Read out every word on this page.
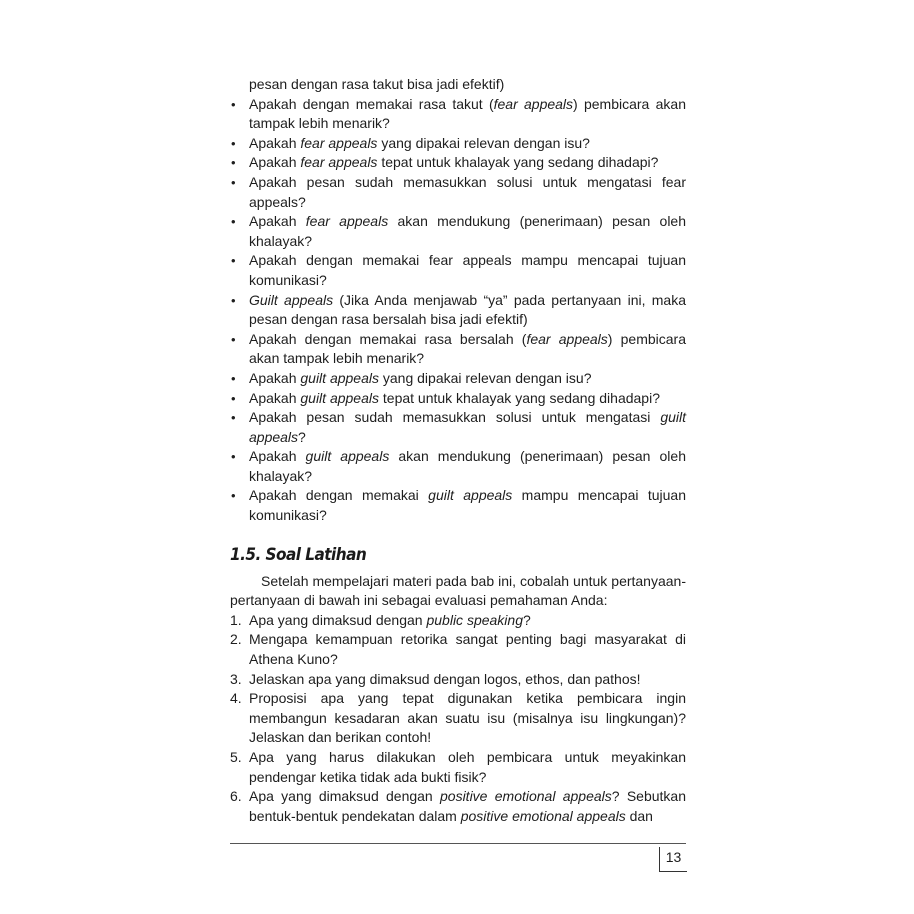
pesan dengan rasa takut bisa jadi efektif)
• Apakah dengan memakai rasa takut (fear appeals) pembicara akan tampak lebih menarik?
• Apakah fear appeals yang dipakai relevan dengan isu?
• Apakah fear appeals tepat untuk khalayak yang sedang dihadapi?
• Apakah pesan sudah memasukkan solusi untuk mengatasi fear appeals?
• Apakah fear appeals akan mendukung (penerimaan) pesan oleh khalayak?
• Apakah dengan memakai fear appeals mampu mencapai tujuan komunikasi?
• Guilt appeals (Jika Anda menjawab “ya” pada pertanyaan ini, maka pesan dengan rasa bersalah bisa jadi efektif)
• Apakah dengan memakai rasa bersalah (fear appeals) pembicara akan tampak lebih menarik?
• Apakah guilt appeals yang dipakai relevan dengan isu?
• Apakah guilt appeals tepat untuk khalayak yang sedang dihadapi?
• Apakah pesan sudah memasukkan solusi untuk mengatasi guilt appeals?
• Apakah guilt appeals akan mendukung (penerimaan) pesan oleh khalayak?
• Apakah dengan memakai guilt appeals mampu mencapai tujuan komunikasi?
1.5. Soal Latihan
Setelah mempelajari materi pada bab ini, cobalah untuk pertanyaan-pertanyaan di bawah ini sebagai evaluasi pemahaman Anda:
1. Apa yang dimaksud dengan public speaking?
2. Mengapa kemampuan retorika sangat penting bagi masyarakat di Athena Kuno?
3. Jelaskan apa yang dimaksud dengan logos, ethos, dan pathos!
4. Proposisi apa yang tepat digunakan ketika pembicara ingin membangun kesadaran akan suatu isu (misalnya isu lingkungan)? Jelaskan dan berikan contoh!
5. Apa yang harus dilakukan oleh pembicara untuk meyakinkan pendengar ketika tidak ada bukti fisik?
6. Apa yang dimaksud dengan positive emotional appeals? Sebutkan bentuk-bentuk pendekatan dalam positive emotional appeals dan
13
